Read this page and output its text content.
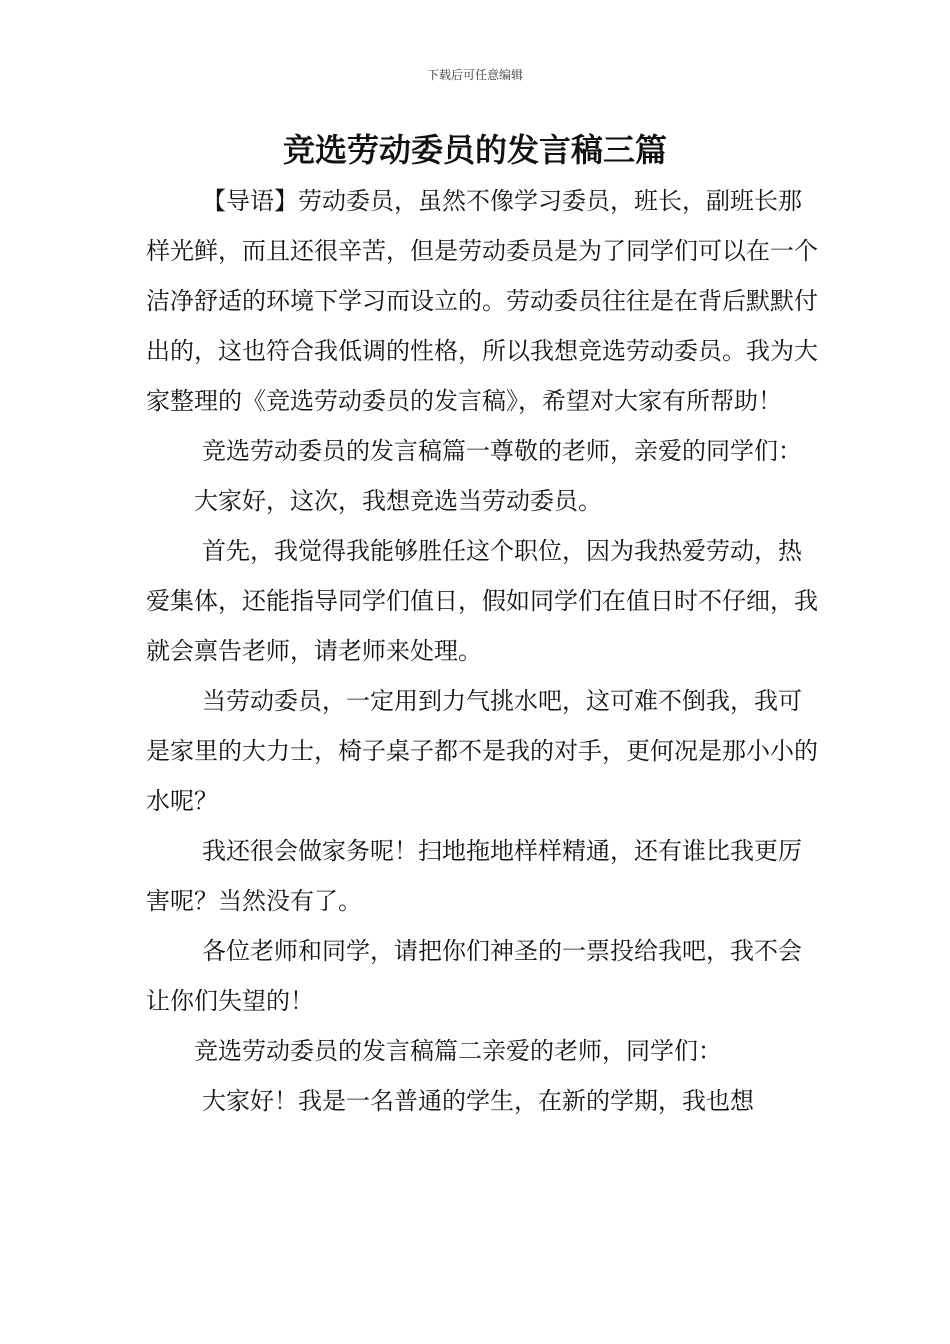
下载后可任意编辑
竞选劳动委员的发言稿三篇

【导语】劳动委员，虽然不像学习委员，班长，副班长那样光鲜，而且还很辛苦，但是劳动委员是为了同学们可以在一个洁净舒适的环境下学习而设立的。劳动委员往往是在背后默默付出的，这也符合我低调的性格，所以我想竞选劳动委员。我为大家整理的《竞选劳动委员的发言稿》，希望对大家有所帮助！

竞选劳动委员的发言稿篇一尊敬的老师，亲爱的同学们：

大家好，这次，我想竞选当劳动委员。

首先，我觉得我能够胜任这个职位，因为我热爱劳动，热爱集体，还能指导同学们值日，假如同学们在值日时不仔细，我就会禀告老师，请老师来处理。

当劳动委员，一定用到力气挑水吧，这可难不倒我，我可是家里的大力士，椅子桌子都不是我的对手，更何况是那小小的水呢？

我还很会做家务呢！扫地拖地样样精通，还有谁比我更厉害呢？当然没有了。

各位老师和同学，请把你们神圣的一票投给我吧，我不会让你们失望的！

竞选劳动委员的发言稿篇二亲爱的老师，同学们：

大家好！我是一名普通的学生，在新的学期，我也想
